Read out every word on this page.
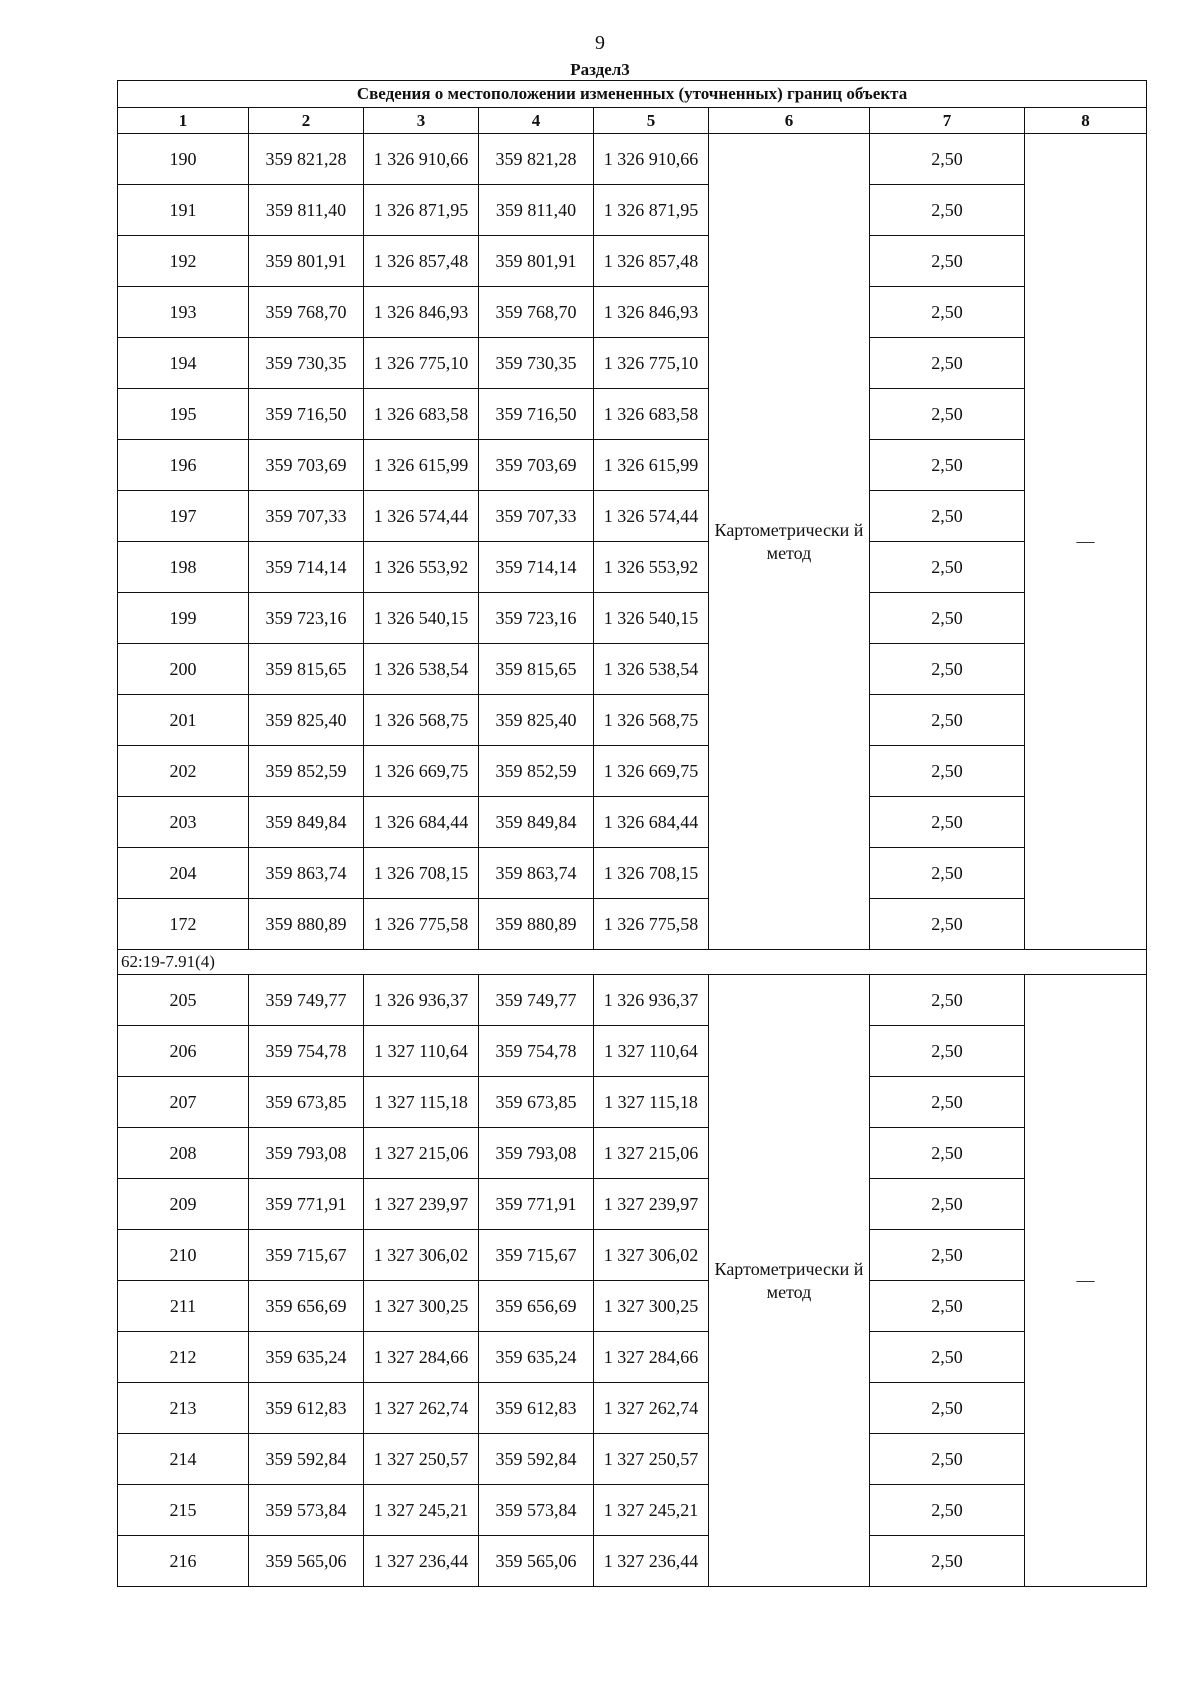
9
Раздел3
Сведения о местоположении измененных (уточненных) границ объекта							
1	2	3	4	5	6	7	8
190	359 821,28	1 326 910,66	359 821,28	1 326 910,66	Картометрически й метод	2,50	—
191	359 811,40	1 326 871,95	359 811,40	1 326 871,95		2,50	
192	359 801,91	1 326 857,48	359 801,91	1 326 857,48		2,50	
193	359 768,70	1 326 846,93	359 768,70	1 326 846,93		2,50	
194	359 730,35	1 326 775,10	359 730,35	1 326 775,10		2,50	
195	359 716,50	1 326 683,58	359 716,50	1 326 683,58		2,50	
196	359 703,69	1 326 615,99	359 703,69	1 326 615,99		2,50	
197	359 707,33	1 326 574,44	359 707,33	1 326 574,44		2,50	
198	359 714,14	1 326 553,92	359 714,14	1 326 553,92		2,50	
199	359 723,16	1 326 540,15	359 723,16	1 326 540,15		2,50	
200	359 815,65	1 326 538,54	359 815,65	1 326 538,54		2,50	
201	359 825,40	1 326 568,75	359 825,40	1 326 568,75		2,50	
202	359 852,59	1 326 669,75	359 852,59	1 326 669,75		2,50	
203	359 849,84	1 326 684,44	359 849,84	1 326 684,44		2,50	
204	359 863,74	1 326 708,15	359 863,74	1 326 708,15		2,50	
172	359 880,89	1 326 775,58	359 880,89	1 326 775,58		2,50	
62:19-7.91(4)							
205	359 749,77	1 326 936,37	359 749,77	1 326 936,37	Картометрически й метод	2,50	—
206	359 754,78	1 327 110,64	359 754,78	1 327 110,64		2,50	
207	359 673,85	1 327 115,18	359 673,85	1 327 115,18		2,50	
208	359 793,08	1 327 215,06	359 793,08	1 327 215,06		2,50	
209	359 771,91	1 327 239,97	359 771,91	1 327 239,97		2,50	
210	359 715,67	1 327 306,02	359 715,67	1 327 306,02		2,50	
211	359 656,69	1 327 300,25	359 656,69	1 327 300,25		2,50	
212	359 635,24	1 327 284,66	359 635,24	1 327 284,66		2,50	
213	359 612,83	1 327 262,74	359 612,83	1 327 262,74		2,50	
214	359 592,84	1 327 250,57	359 592,84	1 327 250,57		2,50	
215	359 573,84	1 327 245,21	359 573,84	1 327 245,21		2,50	
216	359 565,06	1 327 236,44	359 565,06	1 327 236,44		2,50	
